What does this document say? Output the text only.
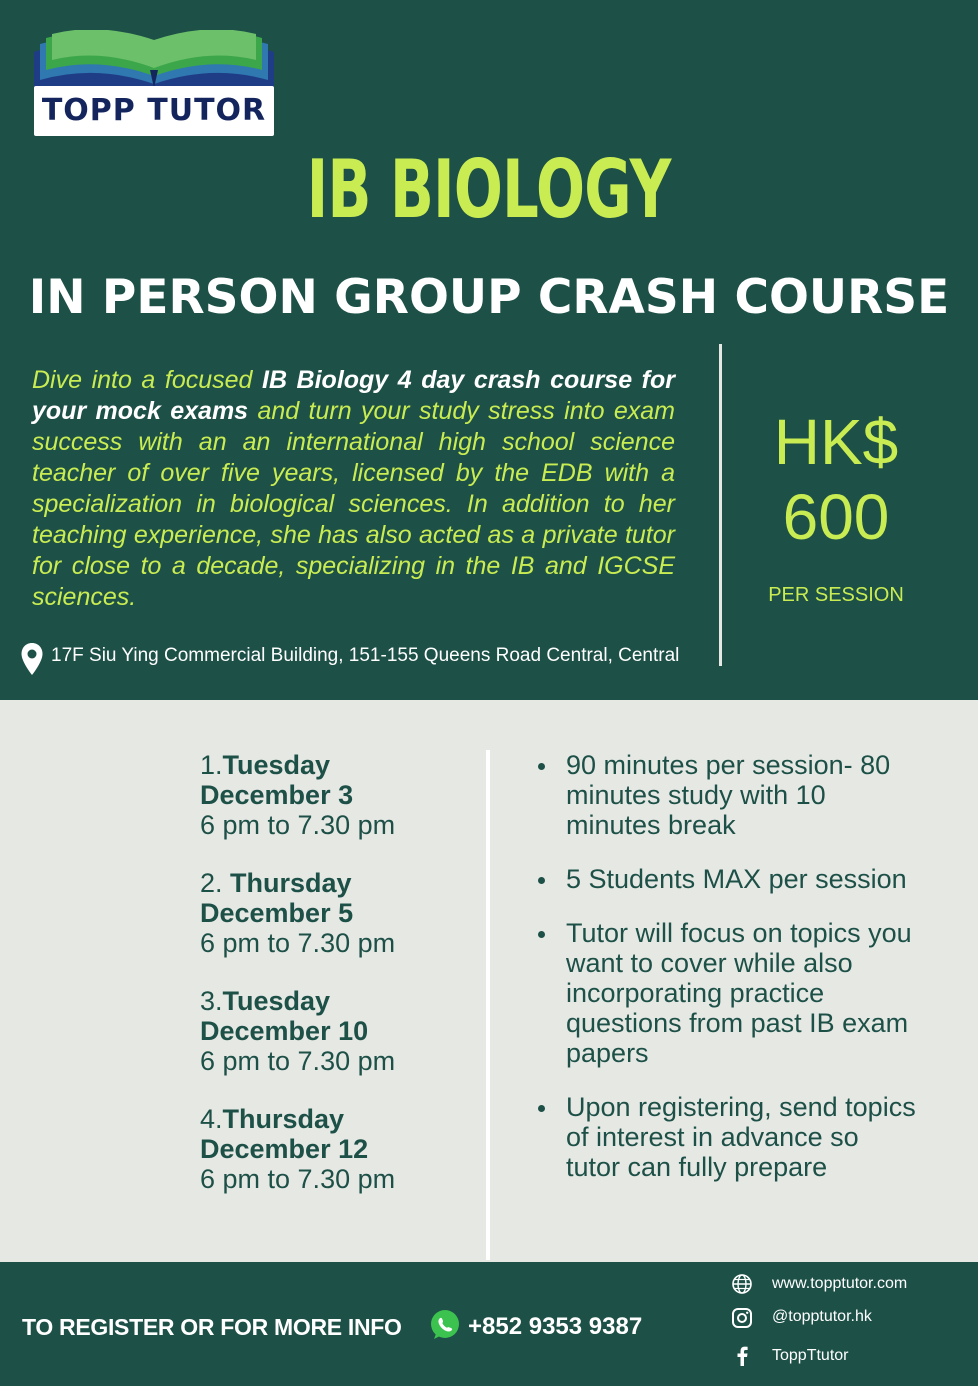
TOPP TUTOR
IB BIOLOGY
IN PERSON GROUP CRASH COURSE
Dive into a focused IB Biology 4 day crash course for your mock exams and turn your study stress into exam success with an an international high school science teacher of over five years, licensed by the EDB with a specialization in biological sciences. In addition to her teaching experience, she has also acted as a private tutor for close to a decade, specializing in the IB and IGCSE sciences.
HK$
600
PER SESSION
17F Siu Ying Commercial Building, 151-155 Queens Road Central, Central
1.Tuesday
December 3
6 pm to 7.30 pm
2. Thursday
December 5
6 pm to 7.30 pm
3.Tuesday
December 10
6 pm to 7.30 pm
4.Thursday
December 12
6 pm to 7.30 pm
90 minutes per session- 80 minutes study with 10 minutes break
5 Students MAX per session
Tutor will focus on topics you want to cover while also incorporating practice questions from past IB exam papers
Upon registering, send topics of interest in advance so tutor can fully prepare
TO REGISTER OR FOR MORE INFO	+852 9353 9387
www.topptutor.com
@topptutor.hk
ToppTtutor
